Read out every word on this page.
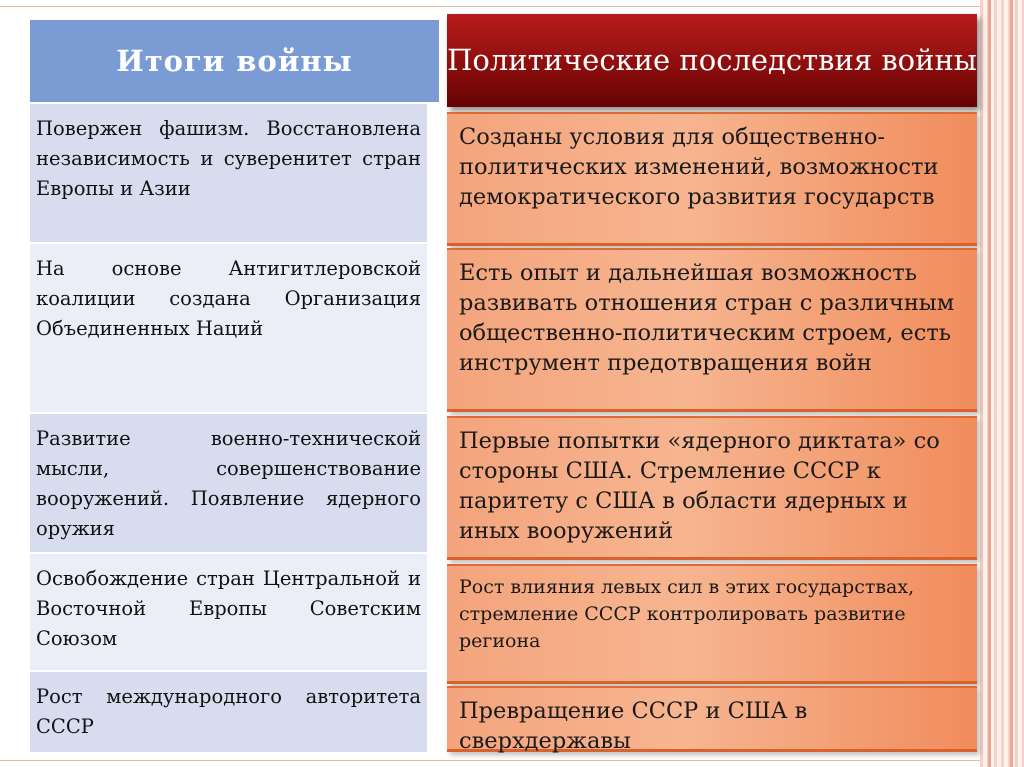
Итоги войны
Повержен фашизм. Восстановлена независимость и суверенитет стран Европы и Азии
На основе Антигитлеровской коалиции создана Организация Объединенных Наций
Развитие военно-технической мысли, совершенствование вооружений. Появление ядерного оружия
Освобождение стран Центральной и Восточной Европы Советским Союзом
Рост международного авторитета СССР
Политические последствия войны
Созданы условия для общественно-политических изменений, возможности демократического развития государств
Есть опыт и дальнейшая возможность развивать отношения стран с различным общественно-политическим строем, есть инструмент предотвращения войн
Первые попытки «ядерного диктата» со стороны США. Стремление СССР к паритету с США в области ядерных и иных вооружений
Рост влияния левых сил в этих государствах, стремление СССР контролировать развитие региона
Превращение СССР и США в сверхдержавы
